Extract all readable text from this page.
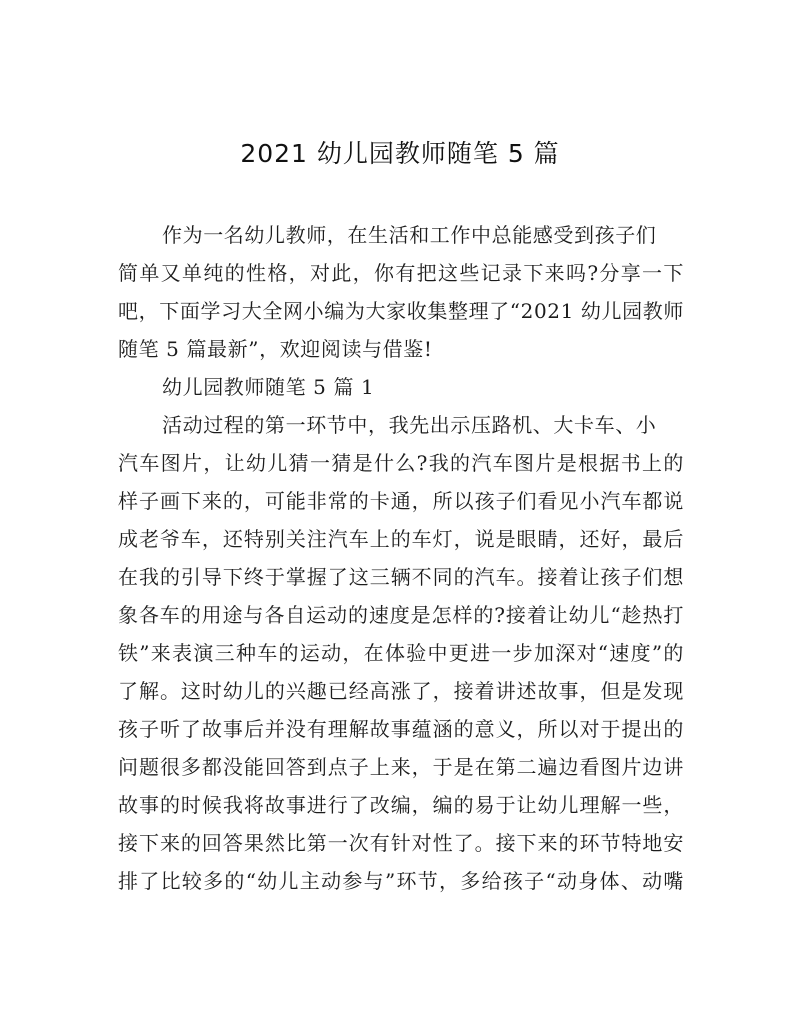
2021 幼儿园教师随笔 5 篇
作为一名幼儿教师，在生活和工作中总能感受到孩子们
简单又单纯的性格，对此，你有把这些记录下来吗?分享一下
吧，下面学习大全网小编为大家收集整理了“2021 幼儿园教师
随笔 5 篇最新”，欢迎阅读与借鉴!
幼儿园教师随笔 5 篇 1
活动过程的第一环节中，我先出示压路机、大卡车、小
汽车图片，让幼儿猜一猜是什么?我的汽车图片是根据书上的
样子画下来的，可能非常的卡通，所以孩子们看见小汽车都说
成老爷车，还特别关注汽车上的车灯，说是眼睛，还好，最后
在我的引导下终于掌握了这三辆不同的汽车。接着让孩子们想
象各车的用途与各自运动的速度是怎样的?接着让幼儿“趁热打
铁”来表演三种车的运动，在体验中更进一步加深对“速度”的
了解。这时幼儿的兴趣已经高涨了，接着讲述故事，但是发现
孩子听了故事后并没有理解故事蕴涵的意义，所以对于提出的
问题很多都没能回答到点子上来，于是在第二遍边看图片边讲
故事的时候我将故事进行了改编，编的易于让幼儿理解一些，
接下来的回答果然比第一次有针对性了。接下来的环节特地安
排了比较多的“幼儿主动参与”环节，多给孩子“动身体、动嘴
